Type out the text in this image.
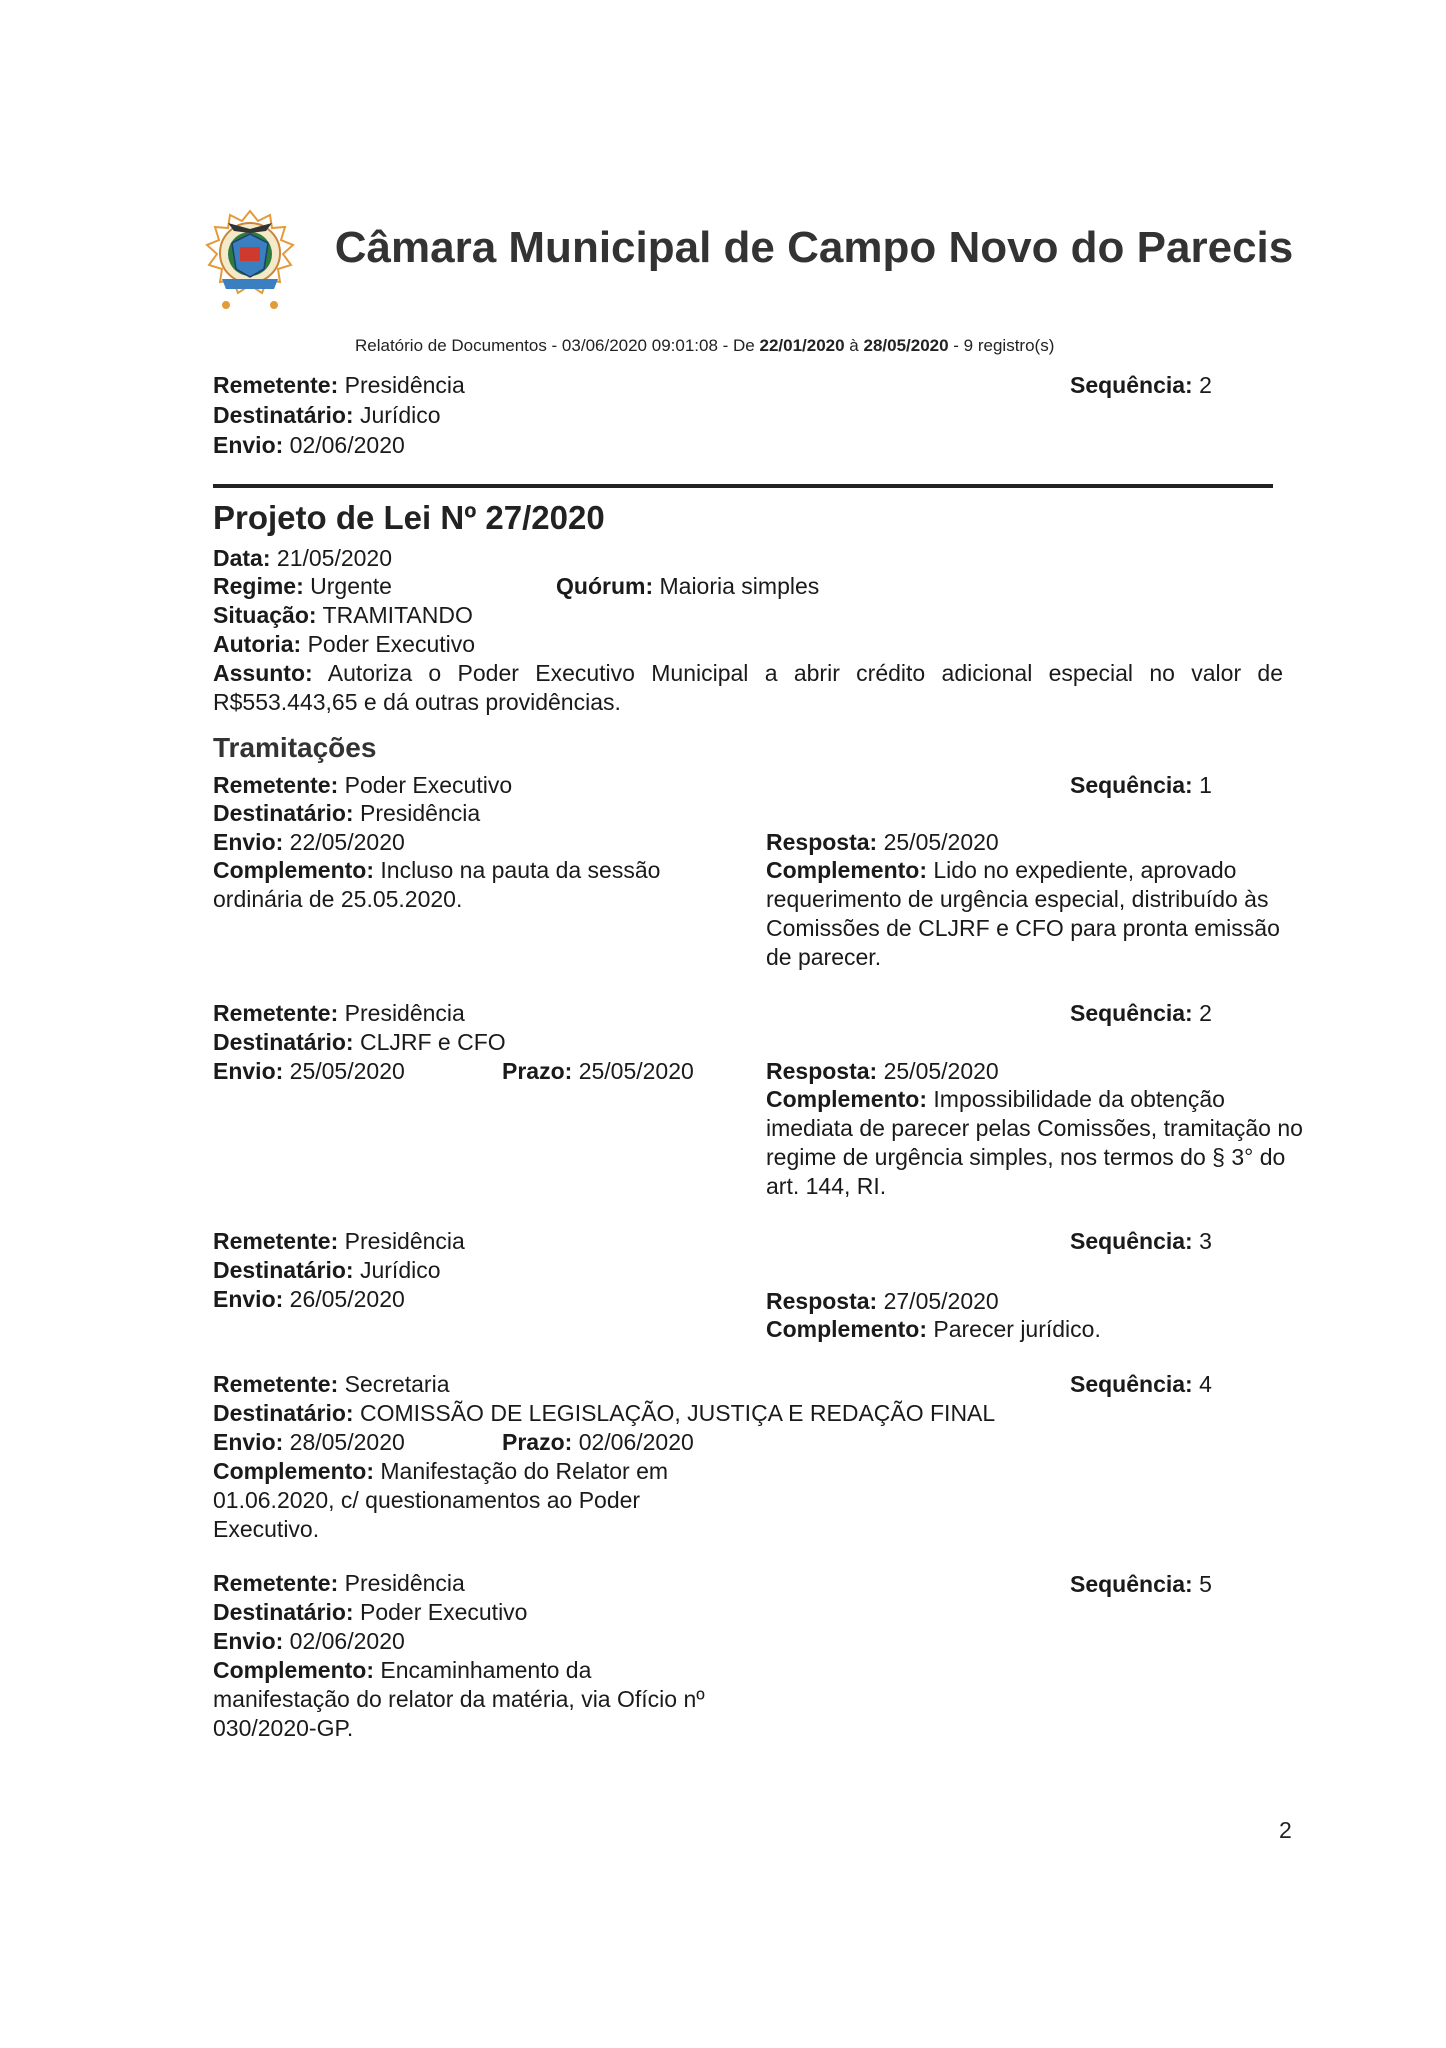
Câmara Municipal de Campo Novo do Parecis
Relatório de Documentos - 03/06/2020 09:01:08 - De 22/01/2020 à 28/05/2020 - 9 registro(s)
Remetente: Presidência	Sequência: 2
Destinatário: Jurídico
Envio: 02/06/2020
Projeto de Lei Nº 27/2020
Data: 21/05/2020
Regime: Urgente	Quórum: Maioria simples
Situação: TRAMITANDO
Autoria: Poder Executivo
Assunto: Autoriza o Poder Executivo Municipal a abrir crédito adicional especial no valor de R$553.443,65 e dá outras providências.
Tramitações
Remetente: Poder Executivo	Sequência: 1
Destinatário: Presidência
Envio: 22/05/2020
Complemento: Incluso na pauta da sessão ordinária de 25.05.2020.
Resposta: 25/05/2020
Complemento: Lido no expediente, aprovado requerimento de urgência especial, distribuído às Comissões de CLJRF e CFO para pronta emissão de parecer.
Remetente: Presidência	Sequência: 2
Destinatário: CLJRF e CFO
Envio: 25/05/2020	Prazo: 25/05/2020	Resposta: 25/05/2020
Complemento: Impossibilidade da obtenção imediata de parecer pelas Comissões, tramitação no regime de urgência simples, nos termos do § 3° do art. 144, RI.
Remetente: Presidência	Sequência: 3
Destinatário: Jurídico
Envio: 26/05/2020	Resposta: 27/05/2020
Complemento: Parecer jurídico.
Remetente: Secretaria	Sequência: 4
Destinatário: COMISSÃO DE LEGISLAÇÃO, JUSTIÇA E REDAÇÃO FINAL
Envio: 28/05/2020	Prazo: 02/06/2020
Complemento: Manifestação do Relator em 01.06.2020, c/ questionamentos ao Poder Executivo.
Remetente: Presidência	Sequência: 5
Destinatário: Poder Executivo
Envio: 02/06/2020
Complemento: Encaminhamento da manifestação do relator da matéria, via Ofício nº 030/2020-GP.
2
